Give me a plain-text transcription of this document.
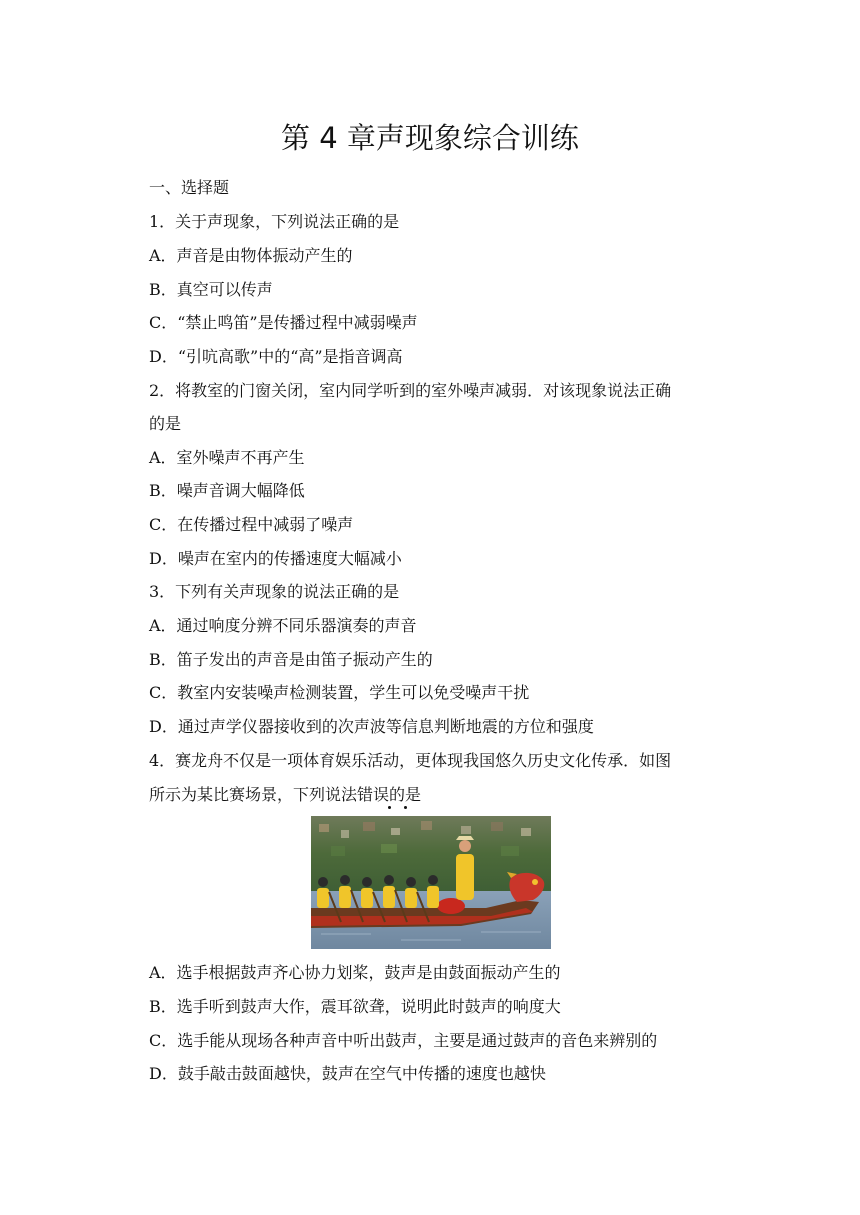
第 4 章声现象综合训练

一、选择题

1．关于声现象，下列说法正确的是

A．声音是由物体振动产生的

B．真空可以传声

C．“禁止鸣笛”是传播过程中减弱噪声

D．“引吭高歌”中的“高”是指音调高

2．将教室的门窗关闭，室内同学听到的室外噪声减弱．对该现象说法正确

的是

A．室外噪声不再产生

B．噪声音调大幅降低

C．在传播过程中减弱了噪声

D．噪声在室内的传播速度大幅减小

3．下列有关声现象的说法正确的是

A．通过响度分辨不同乐器演奏的声音

B．笛子发出的声音是由笛子振动产生的

C．教室内安装噪声检测装置，学生可以免受噪声干扰

D．通过声学仪器接收到的次声波等信息判断地震的方位和强度

4．赛龙舟不仅是一项体育娱乐活动，更体现我国悠久历史文化传承．如图

所示为某比赛场景，下列说法错误的是

A．选手根据鼓声齐心协力划桨，鼓声是由鼓面振动产生的

B．选手听到鼓声大作，震耳欲聋，说明此时鼓声的响度大

C．选手能从现场各种声音中听出鼓声，主要是通过鼓声的音色来辨别的

D．鼓手敲击鼓面越快，鼓声在空气中传播的速度也越快
